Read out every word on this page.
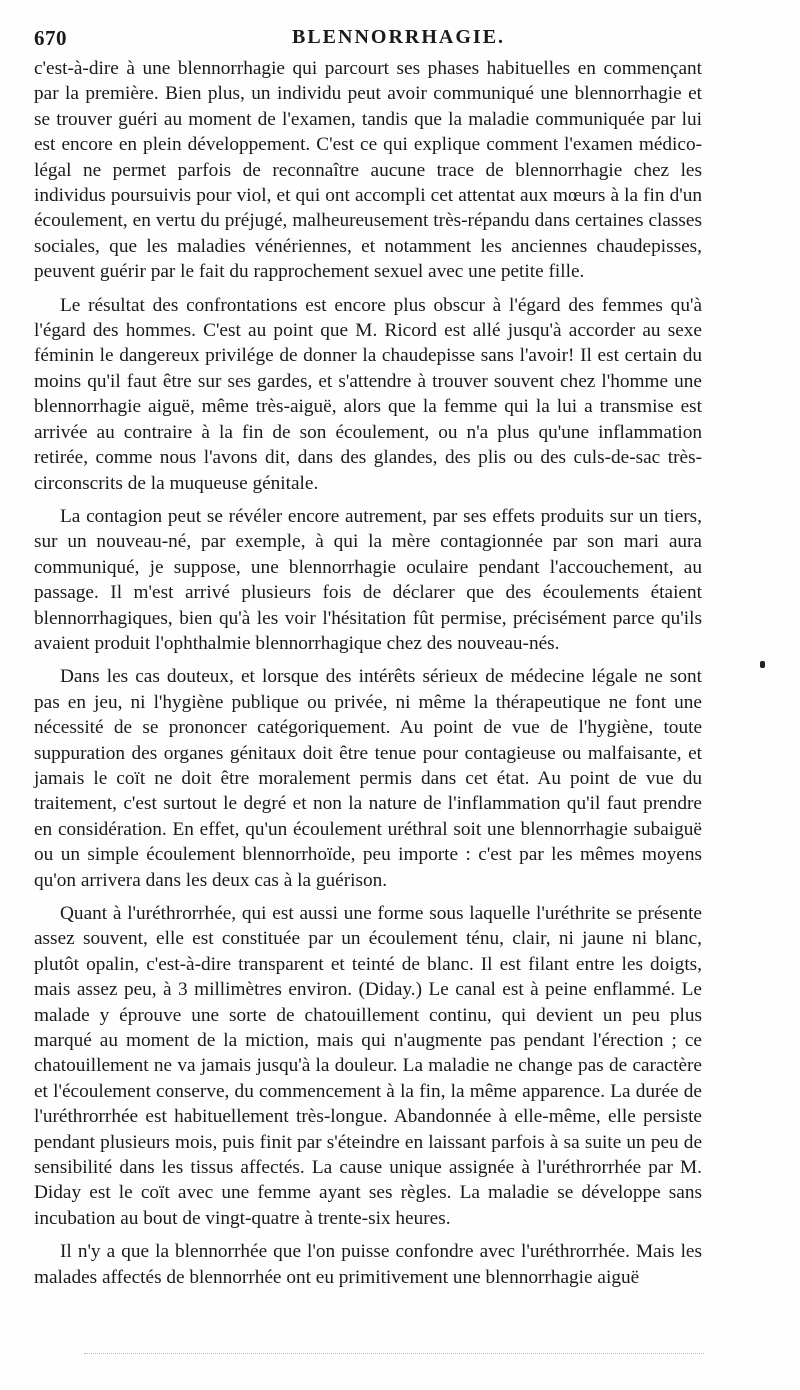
670	BLENNORRHAGIE.

c'est-à-dire à une blennorrhagie qui parcourt ses phases habituelles en commençant par la première. Bien plus, un individu peut avoir communiqué une blennorrhagie et se trouver guéri au moment de l'examen, tandis que la maladie communiquée par lui est encore en plein développement. C'est ce qui explique comment l'examen médico-légal ne permet parfois de reconnaître aucune trace de blennorrhagie chez les individus poursuivis pour viol, et qui ont accompli cet attentat aux mœurs à la fin d'un écoulement, en vertu du préjugé, malheureusement très-répandu dans certaines classes sociales, que les maladies vénériennes, et notamment les anciennes chaudepisses, peuvent guérir par le fait du rapprochement sexuel avec une petite fille.

Le résultat des confrontations est encore plus obscur à l'égard des femmes qu'à l'égard des hommes. C'est au point que M. Ricord est allé jusqu'à accorder au sexe féminin le dangereux privilége de donner la chaudepisse sans l'avoir! Il est certain du moins qu'il faut être sur ses gardes, et s'attendre à trouver souvent chez l'homme une blennorrhagie aiguë, même très-aiguë, alors que la femme qui la lui a transmise est arrivée au contraire à la fin de son écoulement, ou n'a plus qu'une inflammation retirée, comme nous l'avons dit, dans des glandes, des plis ou des culs-de-sac très-circonscrits de la muqueuse génitale.

La contagion peut se révéler encore autrement, par ses effets produits sur un tiers, sur un nouveau-né, par exemple, à qui la mère contagionnée par son mari aura communiqué, je suppose, une blennorrhagie oculaire pendant l'accouchement, au passage. Il m'est arrivé plusieurs fois de déclarer que des écoulements étaient blennorrhagiques, bien qu'à les voir l'hésitation fût permise, précisément parce qu'ils avaient produit l'ophthalmie blennorrhagique chez des nouveau-nés.

Dans les cas douteux, et lorsque des intérêts sérieux de médecine légale ne sont pas en jeu, ni l'hygiène publique ou privée, ni même la thérapeutique ne font une nécessité de se prononcer catégoriquement. Au point de vue de l'hygiène, toute suppuration des organes génitaux doit être tenue pour contagieuse ou malfaisante, et jamais le coït ne doit être moralement permis dans cet état. Au point de vue du traitement, c'est surtout le degré et non la nature de l'inflammation qu'il faut prendre en considération. En effet, qu'un écoulement uréthral soit une blennorrhagie subaiguë ou un simple écoulement blennorrhoïde, peu importe : c'est par les mêmes moyens qu'on arrivera dans les deux cas à la guérison.

Quant à l'uréthrorrhée, qui est aussi une forme sous laquelle l'uréthrite se présente assez souvent, elle est constituée par un écoulement ténu, clair, ni jaune ni blanc, plutôt opalin, c'est-à-dire transparent et teinté de blanc. Il est filant entre les doigts, mais assez peu, à 3 millimètres environ. (Diday.) Le canal est à peine enflammé. Le malade y éprouve une sorte de chatouillement continu, qui devient un peu plus marqué au moment de la miction, mais qui n'augmente pas pendant l'érection ; ce chatouillement ne va jamais jusqu'à la douleur. La maladie ne change pas de caractère et l'écoulement conserve, du commencement à la fin, la même apparence. La durée de l'uréthrorrhée est habituellement très-longue. Abandonnée à elle-même, elle persiste pendant plusieurs mois, puis finit par s'éteindre en laissant parfois à sa suite un peu de sensibilité dans les tissus affectés. La cause unique assignée à l'uréthrorrhée par M. Diday est le coït avec une femme ayant ses règles. La maladie se développe sans incubation au bout de vingt-quatre à trente-six heures.

Il n'y a que la blennorrhée que l'on puisse confondre avec l'uréthrorrhée. Mais les malades affectés de blennorrhée ont eu primitivement une blennorrhagie aiguë
